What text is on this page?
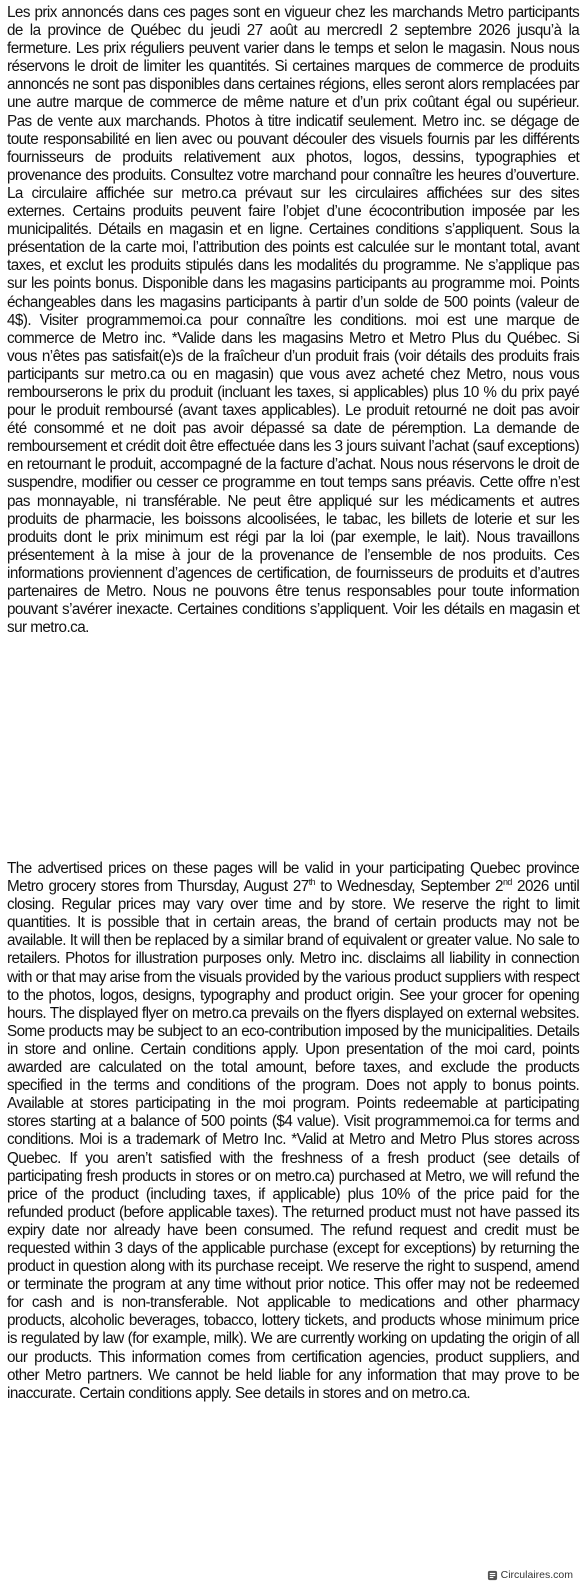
Les prix annoncés dans ces pages sont en vigueur chez les marchands Metro participants de la province de Québec du jeudi 27 août au mercredI 2 septembre 2026 jusqu’à la fermeture. Les prix réguliers peuvent varier dans le temps et selon le magasin. Nous nous réservons le droit de limiter les quantités. Si certaines marques de commerce de produits annoncés ne sont pas disponibles dans certaines régions, elles seront alors remplacées par une autre marque de commerce de même nature et d’un prix coûtant égal ou supérieur. Pas de vente aux marchands. Photos à titre indicatif seulement. Metro inc. se dégage de toute responsabilité en lien avec ou pouvant découler des visuels fournis par les différents fournisseurs de produits relativement aux photos, logos, dessins, typographies et provenance des produits. Consultez votre marchand pour connaître les heures d’ouverture. La circulaire affichée sur metro.ca prévaut sur les circulaires affichées sur des sites externes. Certains produits peuvent faire l’objet d’une écocontribution imposée par les municipalités. Détails en magasin et en ligne. Certaines conditions s’appliquent. Sous la présentation de la carte moi, l’attribution des points est calculée sur le montant total, avant taxes, et exclut les produits stipulés dans les modalités du programme. Ne s’applique pas sur les points bonus. Disponible dans les magasins participants au programme moi. Points échangeables dans les magasins participants à partir d’un solde de 500 points (valeur de 4$). Visiter programmemoi.ca pour connaître les conditions. moi est une marque de commerce de Metro inc. *Valide dans les magasins Metro et Metro Plus du Québec. Si vous n’êtes pas satisfait(e)s de la fraîcheur d’un produit frais (voir détails des produits frais participants sur metro.ca ou en magasin) que vous avez acheté chez Metro, nous vous rembourserons le prix du produit (incluant les taxes, si applicables) plus 10 % du prix payé pour le produit remboursé (avant taxes applicables). Le produit retourné ne doit pas avoir été consommé et ne doit pas avoir dépassé sa date de péremption. La demande de remboursement et crédit doit être effectuée dans les 3 jours suivant l’achat (sauf exceptions) en retournant le produit, accompagné de la facture d’achat. Nous nous réservons le droit de suspendre, modifier ou cesser ce programme en tout temps sans préavis. Cette offre n’est pas monnayable, ni transférable. Ne peut être appliqué sur les médicaments et autres produits de pharmacie, les boissons alcoolisées, le tabac, les billets de loterie et sur les produits dont le prix minimum est régi par la loi (par exemple, le lait). Nous travaillons présentement à la mise à jour de la provenance de l’ensemble de nos produits. Ces informations proviennent d’agences de certification, de fournisseurs de produits et d’autres partenaires de Metro. Nous ne pouvons être tenus responsables pour toute information pouvant s’avérer inexacte. Certaines conditions s’appliquent. Voir les détails en magasin et sur metro.ca.

The advertised prices on these pages will be valid in your participating Quebec province Metro grocery stores from Thursday, August 27th to Wednesday, September 2nd 2026 until closing. Regular prices may vary over time and by store. We reserve the right to limit quantities. It is possible that in certain areas, the brand of certain products may not be available. It will then be replaced by a similar brand of equivalent or greater value. No sale to retailers. Photos for illustration purposes only. Metro inc. disclaims all liability in connection with or that may arise from the visuals provided by the various product suppliers with respect to the photos, logos, designs, typography and product origin. See your grocer for opening hours. The displayed flyer on metro.ca prevails on the flyers displayed on external websites. Some products may be subject to an eco-contribution imposed by the municipalities. Details in store and online. Certain conditions apply. Upon presentation of the moi card, points awarded are calculated on the total amount, before taxes, and exclude the products specified in the terms and conditions of the program. Does not apply to bonus points. Available at stores participating in the moi program. Points redeemable at participating stores starting at a balance of 500 points ($4 value). Visit programmemoi.ca for terms and conditions. Moi is a trademark of Metro Inc. *Valid at Metro and Metro Plus stores across Quebec. If you aren’t satisfied with the freshness of a fresh product (see details of participating fresh products in stores or on metro.ca) purchased at Metro, we will refund the price of the product (including taxes, if applicable) plus 10% of the price paid for the refunded product (before applicable taxes). The returned product must not have passed its expiry date nor already have been consumed. The refund request and credit must be requested within 3 days of the applicable purchase (except for exceptions) by returning the product in question along with its purchase receipt. We reserve the right to suspend, amend or terminate the program at any time without prior notice. This offer may not be redeemed for cash and is non-transferable. Not applicable to medications and other pharmacy products, alcoholic beverages, tobacco, lottery tickets, and products whose minimum price is regulated by law (for example, milk). We are currently working on updating the origin of all our products. This information comes from certification agencies, product suppliers, and other Metro partners. We cannot be held liable for any information that may prove to be inaccurate. Certain conditions apply. See details in stores and on metro.ca.

Circulaires.com
